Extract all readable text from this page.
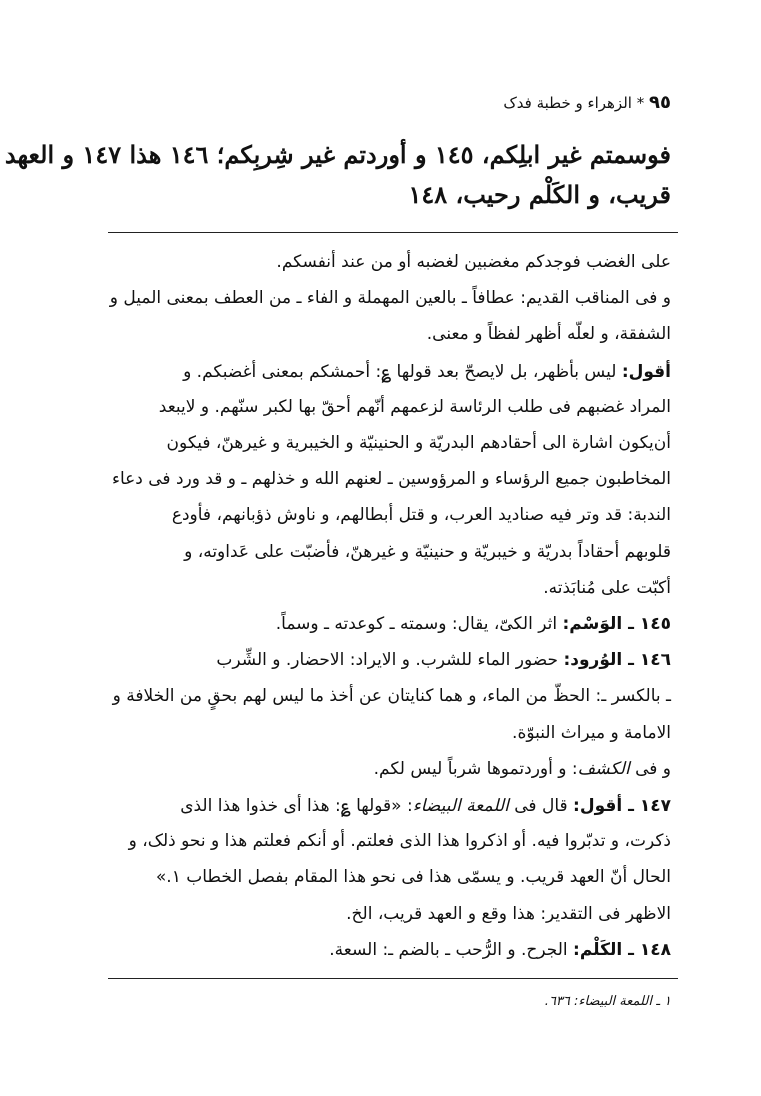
٩٥ * الزهراء و خطبة فدک
فوسمتم غیر ابلِکم، ١٤٥ و أوردتم غیر شِربِکم؛ ١٤٦ هذا ١٤٧ و العهد
قریب، و الکَلْم رحیب، ١٤٨
علی الغضب فوجدکم مغضبین لغضبه أو من عند أنفسکم.
و فی المناقب القدیم: عطافاً ـ بالعین المهملة و الفاء ـ من العطف بمعنی المیل و
الشفقة، و لعلّه أظهر لفظاً و معنی.
أقول: لیس بأظهر، بل لایصحّ بعد قولها ؏: أحمشکم بمعنی أغضبکم. و
المراد غضبهم فی طلب الرئاسة لزعمهم أنّهم أحقّ بها لکبر سنّهم. و لایبعد
أن‌یکون اشارة الی أحقادهم البدریّة و الحنینیّة و الخیبریة و غیرهنّ، فیکون
المخاطبون جمیع الرؤساء و المرؤوسین ـ لعنهم الله و خذلهم ـ و قد ورد فی دعاء
الندبة: قد وتر فیه صنادید العرب، و قتل أبطالهم، و ناوش ذؤبانهم، فأودع
قلوبهم أحقاداً بدریّة و خیبریّة و حنینیّة و غیرهنّ، فأضبّت علی عَداوته، و
أکبّت علی مُنابَذته.
١٤٥ ـ الوَسْم: اثر الکیّ، یقال: وسمته ـ کوعدته ـ وسماً.
١٤٦ ـ الوُرود: حضور الماء للشرب. و الایراد: الاحضار. و الشِّرب
ـ بالکسر ـ: الحظّ من الماء، و هما کنایتان عن أخذ ما لیس لهم بحقٍ من الخلافة و
الامامة و میراث النبوّة.
و فی الکشف: و أوردتموها شرباً لیس لکم.
١٤٧ ـ أقول: قال فی اللمعة البیضاء: «قولها ؏: هذا أی خذوا هذا الذی
ذکرت، و تدبّروا فیه. أو اذکروا هذا الذی فعلتم. أو أنکم فعلتم هذا و نحو ذلک، و
الحال أنّ العهد قریب. و یسمّی هذا فی نحو هذا المقام بفصل الخطاب ١.»
الاظهر فی التقدیر: هذا وقع و العهد قریب، الخ.
١٤٨ ـ الکَلْم: الجرح. و الرُّحب ـ بالضم ـ: السعة.
١ ـ اللمعة البیضاء: ٦٣٦.
